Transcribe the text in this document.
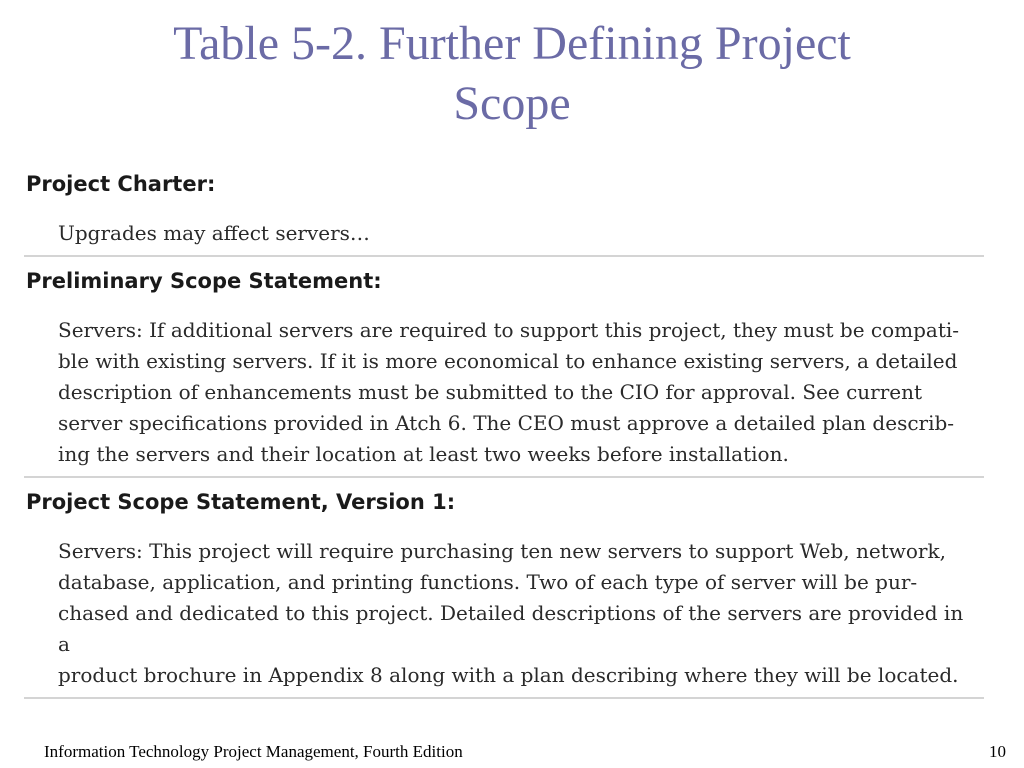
Table 5-2. Further Defining Project
Scope

Project Charter:

Upgrades may affect servers…

Preliminary Scope Statement:

Servers: If additional servers are required to support this project, they must be compati-
ble with existing servers. If it is more economical to enhance existing servers, a detailed
description of enhancements must be submitted to the CIO for approval. See current
server specifications provided in Atch 6. The CEO must approve a detailed plan describ-
ing the servers and their location at least two weeks before installation.

Project Scope Statement, Version 1:

Servers: This project will require purchasing ten new servers to support Web, network,
database, application, and printing functions. Two of each type of server will be pur-
chased and dedicated to this project. Detailed descriptions of the servers are provided in a
product brochure in Appendix 8 along with a plan describing where they will be located.

Information Technology Project Management, Fourth Edition	10
